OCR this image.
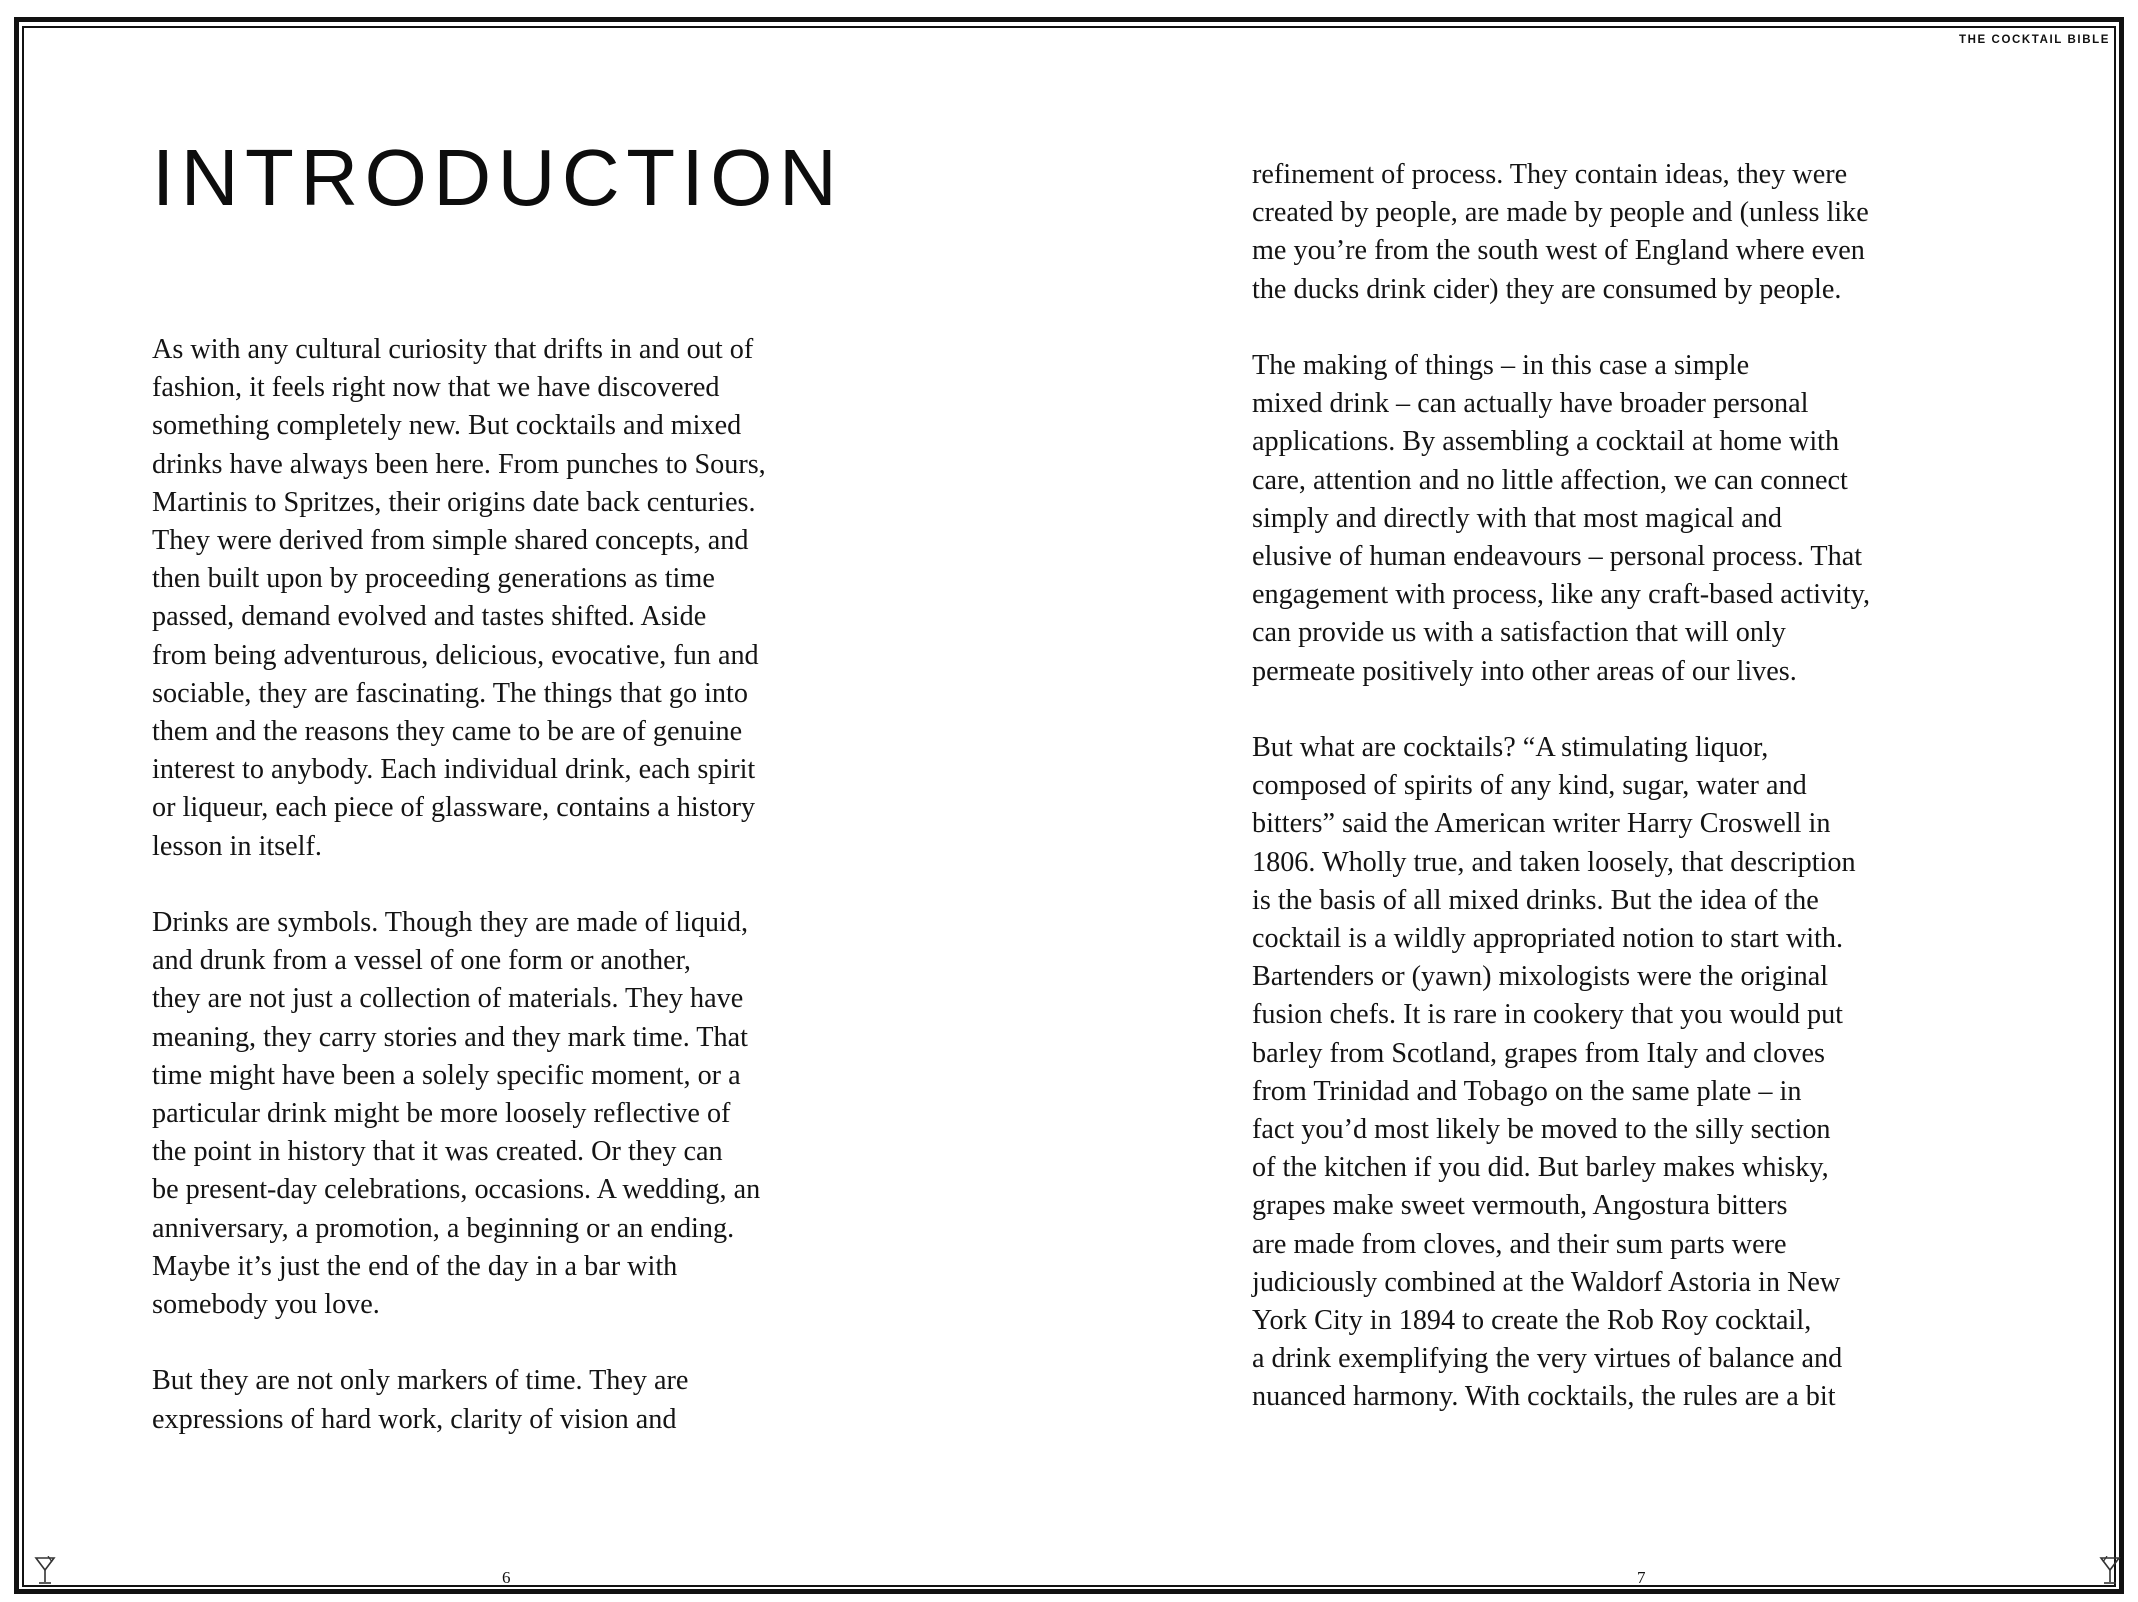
THE COCKTAIL BIBLE
INTRODUCTION

As with any cultural curiosity that drifts in and out of
fashion, it feels right now that we have discovered
something completely new. But cocktails and mixed
drinks have always been here. From punches to Sours,
Martinis to Spritzes, their origins date back centuries.
They were derived from simple shared concepts, and
then built upon by proceeding generations as time
passed, demand evolved and tastes shifted. Aside
from being adventurous, delicious, evocative, fun and
sociable, they are fascinating. The things that go into
them and the reasons they came to be are of genuine
interest to anybody. Each individual drink, each spirit
or liqueur, each piece of glassware, contains a history
lesson in itself.

Drinks are symbols. Though they are made of liquid,
and drunk from a vessel of one form or another,
they are not just a collection of materials. They have
meaning, they carry stories and they mark time. That
time might have been a solely specific moment, or a
particular drink might be more loosely reflective of
the point in history that it was created. Or they can
be present-day celebrations, occasions. A wedding, an
anniversary, a promotion, a beginning or an ending.
Maybe it’s just the end of the day in a bar with
somebody you love.

But they are not only markers of time. They are
expressions of hard work, clarity of vision and

refinement of process. They contain ideas, they were
created by people, are made by people and (unless like
me you’re from the south west of England where even
the ducks drink cider) they are consumed by people.

The making of things – in this case a simple
mixed drink – can actually have broader personal
applications. By assembling a cocktail at home with
care, attention and no little affection, we can connect
simply and directly with that most magical and
elusive of human endeavours – personal process. That
engagement with process, like any craft-based activity,
can provide us with a satisfaction that will only
permeate positively into other areas of our lives.

But what are cocktails? “A stimulating liquor,
composed of spirits of any kind, sugar, water and
bitters” said the American writer Harry Croswell in
1806. Wholly true, and taken loosely, that description
is the basis of all mixed drinks. But the idea of the
cocktail is a wildly appropriated notion to start with.
Bartenders or (yawn) mixologists were the original
fusion chefs. It is rare in cookery that you would put
barley from Scotland, grapes from Italy and cloves
from Trinidad and Tobago on the same plate – in
fact you’d most likely be moved to the silly section
of the kitchen if you did. But barley makes whisky,
grapes make sweet vermouth, Angostura bitters
are made from cloves, and their sum parts were
judiciously combined at the Waldorf Astoria in New
York City in 1894 to create the Rob Roy cocktail,
a drink exemplifying the very virtues of balance and
nuanced harmony. With cocktails, the rules are a bit

6	7
